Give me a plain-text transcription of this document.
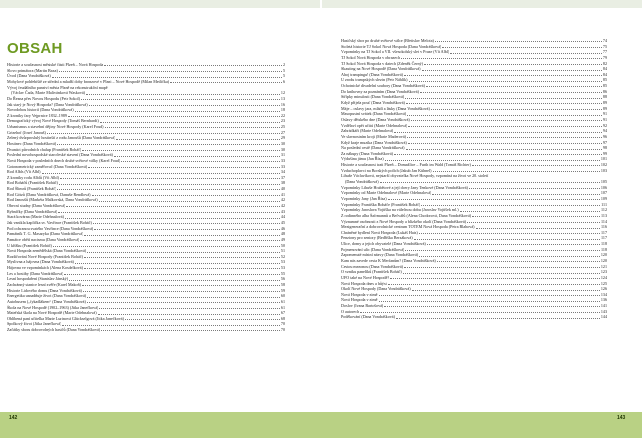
OBSAH
Historie a současnost městské části Plzeň – Nová Hospoda	2
Slovo primátora (Martin Baxa)	5
Úvod (Dana Vondrášková)	5
Mohylové pohřebiště ze střední a mladší doby bronzové v Plzni – Nové Hospodě (Milan Metlička)	6
Vývoj feudálního panství města Plzně na rekonstrukční mapě
(Václav Čada, Marie Malivánková Wasková)	12
Do Řezna přes Novou Hospodu (Petr Sokol)	13
Jak starý je Nový Hospoda? (Dana Vondrášková)	16
Novodobou historií (Dana Vondrášková)	18
Z kroniky fary Vejprnice 1832–1989	22
Demografický vývoj Nové Hospody (Tomáš Bernhardt)	23
Urbanismus a stavební dějiny Nové Hospody (Karel Foud)	25
Grizehof (Josef Janouš)	27
Zelený dvůrproslulý hostinští z rodu Janoušů (Dana Vondrášková)	29
Hostinec (Dana Vondrášková)	30
Dvanáct původních chalup (František Boháč)	30
Poslední novohospodské staročeské stavení (Dana Vondrášková)	31
Nová Hospoda v posledních dnech druhé světové války (Karel Foud)	33
Gotonometrický zaměřovač (Dana Vondrášková)	33
Rod Albls (Vít Albl)	34
Z kroniky rodu Alblů (Vít Albl)	37
Rod Boháčů (František Boháč)	38
Rod Šlimrů (František Boháč)	40
Rod Götzů (Dana Vondrášková, Danuše Rendlová)	41
Rod Janoušů (Markéta Malkovská, Dana Vondrášková)	42
Obecní studny (Dana Vondrášková)	42
Rybníčky (Dana Vondrášková)	43
Stará kovárna (Marie Odehnalová)	44
Jak vznikla kaplička sv. Vavřince (František Boháč)	45
Pod ochranou svatého Vavřince (Dana Vondrášková)	46
Památník T. G. Masaryka (Dana Vondrášková)	48
Památce obětí nacismu (Dana Vondrášková)	49
U křížku (František Boháč)	50
Nová Hospoda zemědělská (Dana Vondrášková)	51
Rozšiřování Nové Hospody (František Boháč)	52
Myslivna a hájovna (Dana Vondrášková)	53
Hájovna ve vzpomínkách (Alena Kosdelková)	53
Les a hostiby (Dana Vondrášková)	55
Lesní hospodaření (Stanislav Jánský)	56
Zachránný stanice lesní zvěře (Karel Makoň)	58
Historie Lidového domu (Dana Vondrášková)	59
Energetika usnadňuje život (Dana Vondrášková)	60
Autobusem („fykadlákem“ (Dana Vondrášková)	61
Škola na Nové Hospodě (1902–1963) (Jitka Janečková)	61
Mateřská škola na Nové Hospodě (Marie Odehnalová)	67
Oblíbená paní učitelka Marie Lurinová Glückselgová (Jitka Janečková)	68
Spolkový život (Jitka Janečková)	70
Začátky sboru dobrovolných hasičů (Dana Vondrášková)	70
Hasičský sbor po druhé světové válce (Břetislav Melota)	74
Stoletá historie TJ Sokol Nová Hospoda (Dana Vondrášková)	75
Vzpomínky na TJ Sokol a VII. všesokolský slet v Praze (Vít Albl)	77
TJ Sokol Nová Hospoda v obrazech	79
TJ Sokol Nová Hospoda v datech (Zdeněk Černý)	82
Skauting na Nové Hospodě (Dana Vondrášková)	84
Ahoj trampingu! (Dana Vondrášková)	84
U zrodu trampských slezin (Petr Náhlík)	85
Ochotnické divadelní soubory (Dana Vondrášková)	85
Do knihovny za poznáním (Dana Vondrášková)	86
Střípky minulosti (Dana Vondrášková)	88
Když přijela pouť (Dana Vondrášková)	89
Máje – oslavy jara, mládí a lásky (Dana Vondrášková)	89
Masopustní svátek (Dana Vondrášková)	91
Oslavy dětského dne (Dana Vondrášková)	91
Vzdělaví opět učitú (Marie Odehnalová)	92
Zahrádkáři (Marie Odehnalová)	94
Ve slavnostním kroji (Marie Maderová)	96
Když kraje muzika (Dana Vondrášková)	97
Na poslední cestě (Dana Vondrášková)	98
Za nákupy (Dana Vondrášková)	99
Výdušina jámu (Jan Říza)	101
Historie a současnost trati Plzeň – Domažlice – Furth im Wald (Tomáš Richter)	102
Vzduchoplavci na Borských polích (Jakub Jan Kühnel)	103
Lihuše Václavíková, nejstarší obyvatelka Nové Hospody, vzpomíná na život ve 20. století
(Dana Vondrášková)	105
Vzpomínky Lihuše Hrabětové a její dcery Jany Tenkové (Dana Vondrášková)	106
Vzpomínky od Marie Odehnalové (Marie Odehnalová)	107
Vzpomínky Jany (Jan Říza)	109
Vzpomínky Františka Boháče (František Boháč)	111
Vzpomínky Jaroslava Vojtíška na válečnou dobu (Jaroslav Vojtíšek ml.)	112
Z rodinného alba Šafrmannů a Bečvářů (Alena Chodorová, Dana Vondrášková)	113
Významné osobnosti z Nové Hospody a blízkého okolí (Dana Vondrášková)	114
Mezigenerační a dobrovolnické centrum TOTEM Nová Hospoda (Petra Blahová)	116
Chráněné bydlení Nová Hospoda (Lukáš Hais)	117
Penziony pro seniory (Bedřiška Berzáková)	117
Ulice, domy a jejich obyvatelé (Dana Vondrášková)	118
Pojmenování ulic (Dana Vondrášková)	118
Zapomenuté místní názvy (Dana Vondrášková)	120
Kam nás zavede cesta K Merfanům? (Dana Vondrášková)	120
Cestou mezonou (Dana Vondrášková)	121
O vzniku panelíků (František Boháč)	123
UFO také na Nové Hospodě?	124
Nová Hospoda dnes a hůýst	125
Okolí Nové Hospody (Dana Vondrášková)	126
Nová Hospoda v zimě	134
Nová Hospoda v zimě	136
Doslov (Ivana Bartošová)	141
O autorech	143
Poděkování (Dana Vondrášková)	144
142	143
